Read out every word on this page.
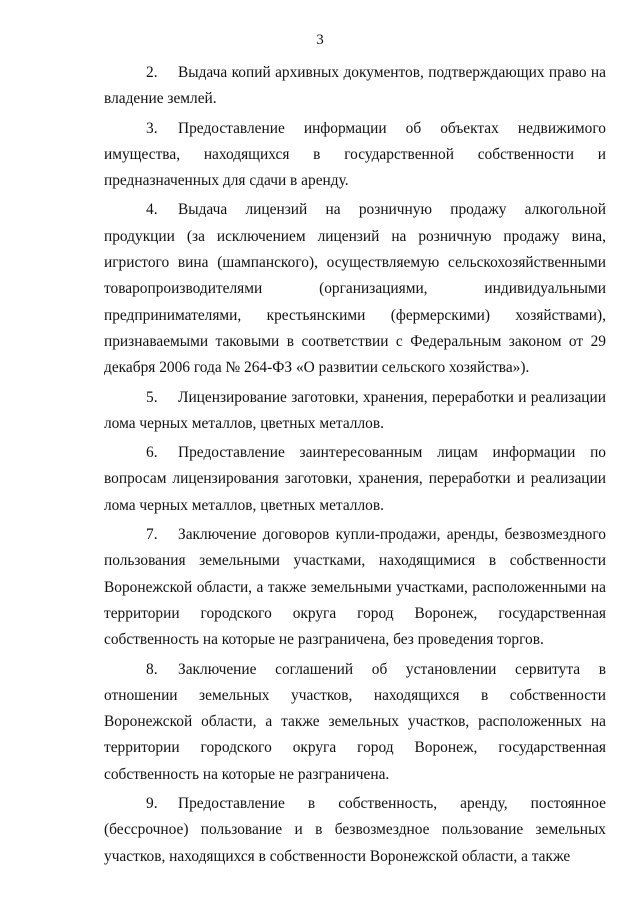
3

2. Выдача копий архивных документов, подтверждающих право на владение землей.

3. Предоставление информации об объектах недвижимого имущества, находящихся в государственной собственности и предназначенных для сдачи в аренду.

4. Выдача лицензий на розничную продажу алкогольной продукции (за исключением лицензий на розничную продажу вина, игристого вина (шампанского), осуществляемую сельскохозяйственными товаропроизводителями (организациями, индивидуальными предпринимателями, крестьянскими (фермерскими) хозяйствами), признаваемыми таковыми в соответствии с Федеральным законом от 29 декабря 2006 года № 264-ФЗ «О развитии сельского хозяйства»).

5. Лицензирование заготовки, хранения, переработки и реализации лома черных металлов, цветных металлов.

6. Предоставление заинтересованным лицам информации по вопросам лицензирования заготовки, хранения, переработки и реализации лома черных металлов, цветных металлов.

7. Заключение договоров купли-продажи, аренды, безвозмездного пользования земельными участками, находящимися в собственности Воронежской области, а также земельными участками, расположенными на территории городского округа город Воронеж, государственная собственность на которые не разграничена, без проведения торгов.

8. Заключение соглашений об установлении сервитута в отношении земельных участков, находящихся в собственности Воронежской области, а также земельных участков, расположенных на территории городского округа город Воронеж, государственная собственность на которые не разграничена.

9. Предоставление в собственность, аренду, постоянное (бессрочное) пользование и в безвозмездное пользование земельных участков, находящихся в собственности Воронежской области, а также
